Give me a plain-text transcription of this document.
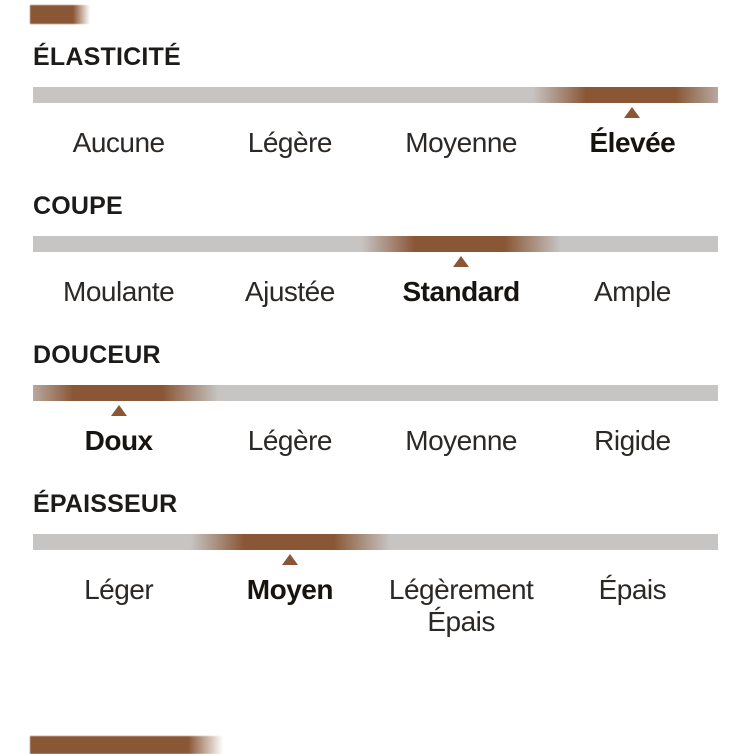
ÉLASTICITÉ
Aucune	Légère	Moyenne	Élevée
COUPE
Moulante	Ajustée	Standard	Ample
DOUCEUR
Doux	Légère	Moyenne	Rigide
ÉPAISSEUR
Léger	Moyen	Légèrement Épais
Épais
